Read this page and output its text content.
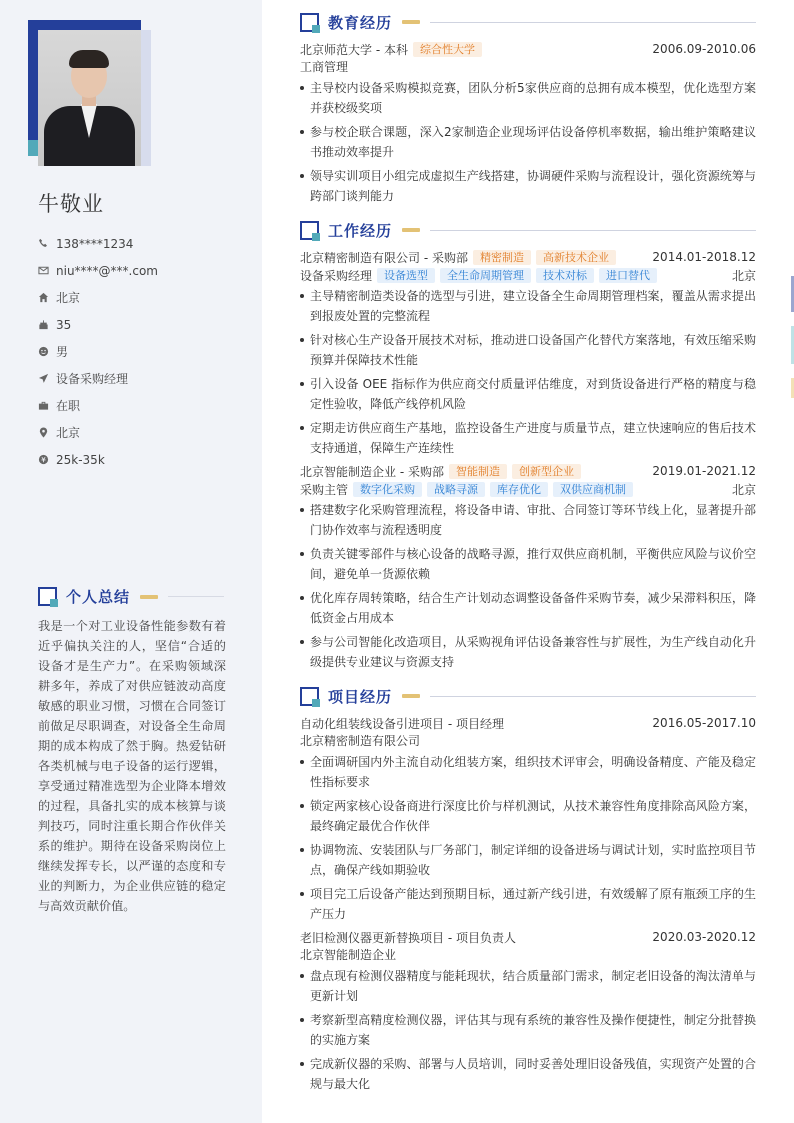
牛敬业
138****1234
niu****@***.com
北京
35
男
设备采购经理
在职
北京
25k-35k
个人总结
我是一个对工业设备性能参数有着近乎偏执关注的人，坚信“合适的设备才是生产力”。在采购领域深耕多年，养成了对供应链波动高度敏感的职业习惯，习惯在合同签订前做足尽职调查，对设备全生命周期的成本构成了然于胸。热爱钻研各类机械与电子设备的运行逻辑，享受通过精准选型为企业降本增效的过程，具备扎实的成本核算与谈判技巧，同时注重长期合作伙伴关系的维护。期待在设备采购岗位上继续发挥专长，以严谨的态度和专业的判断力，为企业供应链的稳定与高效贡献价值。
教育经历
北京师范大学 - 本科	综合性大学	2006.09-2010.06
工商管理
主导校内设备采购模拟竞赛，团队分析5家供应商的总拥有成本模型，优化选型方案并获校级奖项
参与校企联合课题，深入2家制造企业现场评估设备停机率数据，输出维护策略建议书推动效率提升
领导实训项目小组完成虚拟生产线搭建，协调硬件采购与流程设计，强化资源统筹与跨部门谈判能力
工作经历
北京精密制造有限公司 - 采购部	精密制造	高新技术企业	2014.01-2018.12
设备采购经理	设备选型	全生命周期管理	技术对标	进口替代	北京
主导精密制造类设备的选型与引进，建立设备全生命周期管理档案，覆盖从需求提出到报废处置的完整流程
针对核心生产设备开展技术对标，推动进口设备国产化替代方案落地，有效压缩采购预算并保障技术性能
引入设备 OEE 指标作为供应商交付质量评估维度，对到货设备进行严格的精度与稳定性验收，降低产线停机风险
定期走访供应商生产基地，监控设备生产进度与质量节点，建立快速响应的售后技术支持通道，保障生产连续性
北京智能制造企业 - 采购部	智能制造	创新型企业	2019.01-2021.12
采购主管	数字化采购	战略寻源	库存优化	双供应商机制	北京
搭建数字化采购管理流程，将设备申请、审批、合同签订等环节线上化，显著提升部门协作效率与流程透明度
负责关键零部件与核心设备的战略寻源，推行双供应商机制，平衡供应风险与议价空间，避免单一货源依赖
优化库存周转策略，结合生产计划动态调整设备备件采购节奏，减少呆滞料积压，降低资金占用成本
参与公司智能化改造项目，从采购视角评估设备兼容性与扩展性，为生产线自动化升级提供专业建议与资源支持
项目经历
自动化组装线设备引进项目 - 项目经理	2016.05-2017.10
北京精密制造有限公司
全面调研国内外主流自动化组装方案，组织技术评审会，明确设备精度、产能及稳定性指标要求
锁定两家核心设备商进行深度比价与样机测试，从技术兼容性角度排除高风险方案，最终确定最优合作伙伴
协调物流、安装团队与厂务部门，制定详细的设备进场与调试计划，实时监控项目节点，确保产线如期验收
项目完工后设备产能达到预期目标，通过新产线引进，有效缓解了原有瓶颈工序的生产压力
老旧检测仪器更新替换项目 - 项目负责人	2020.03-2020.12
北京智能制造企业
盘点现有检测仪器精度与能耗现状，结合质量部门需求，制定老旧设备的淘汰清单与更新计划
考察新型高精度检测仪器，评估其与现有系统的兼容性及操作便捷性，制定分批替换的实施方案
完成新仪器的采购、部署与人员培训，同时妥善处理旧设备残值，实现资产处置的合规与最大化
